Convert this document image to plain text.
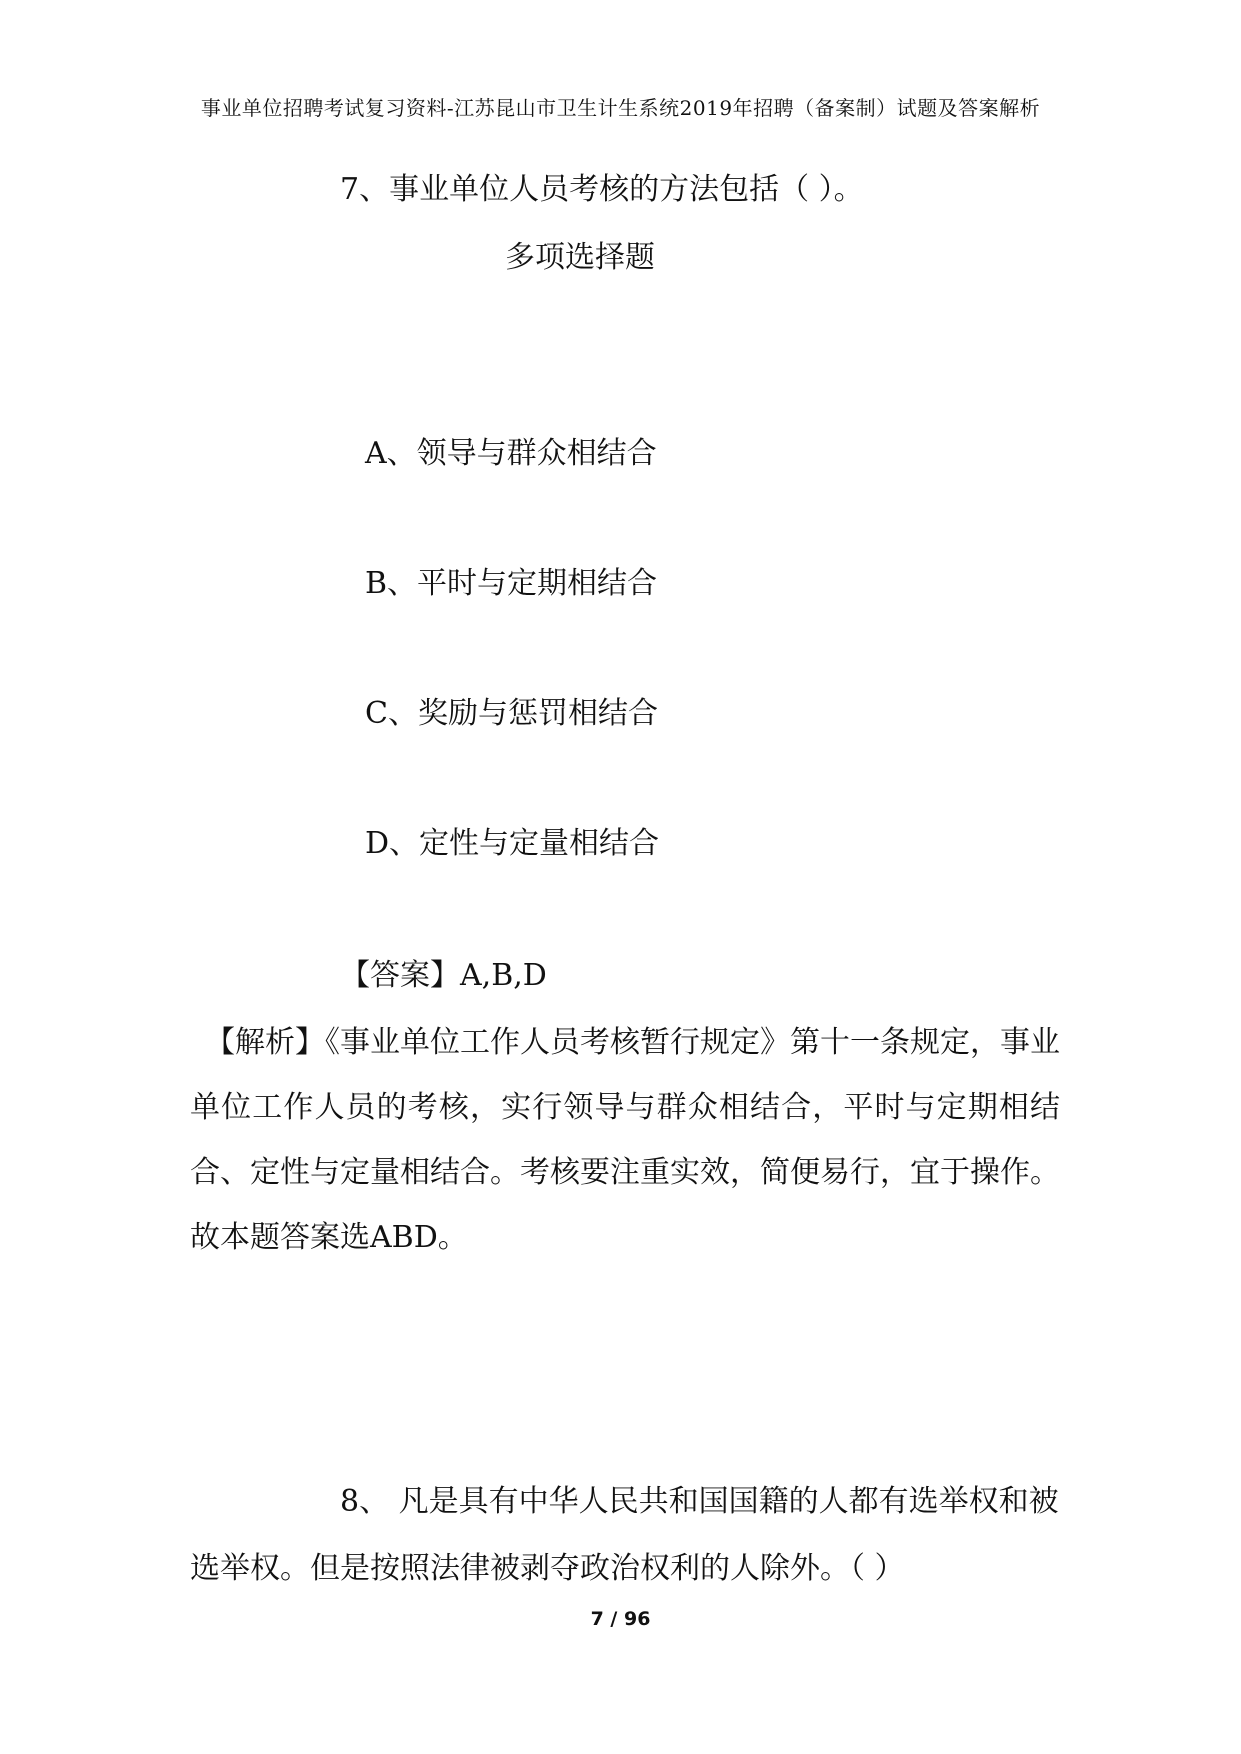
事业单位招聘考试复习资料-江苏昆山市卫生计生系统2019年招聘（备案制）试题及答案解析
7、事业单位人员考核的方法包括（ ）。
多项选择题
A、领导与群众相结合
B、平时与定期相结合
C、奖励与惩罚相结合
D、定性与定量相结合
【答案】A,B,D
【解析】《事业单位工作人员考核暂行规定》第十一条规定，事业单位工作人员的考核，实行领导与群众相结合，平时与定期相结合、定性与定量相结合。考核要注重实效，简便易行，宜于操作。故本题答案选ABD。
8、 凡是具有中华人民共和国国籍的人都有选举权和被选举权。但是按照法律被剥夺政治权利的人除外。（ ）
7 / 96
